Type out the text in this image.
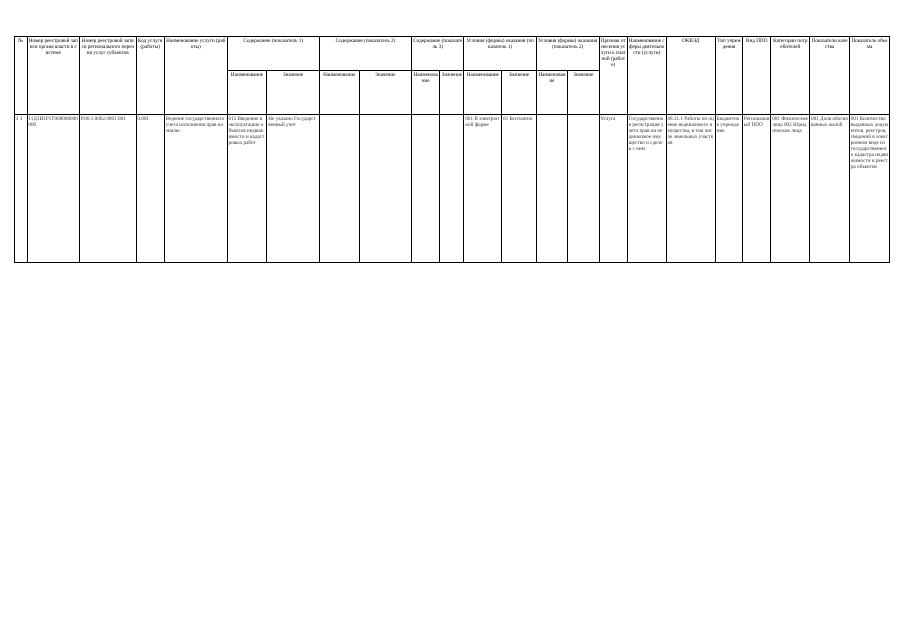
№	Номер реестровой записи органа власти в системе	Номер реестровой записи регионального перечня услуг субъектов	Код услуги (работы)	Наименование услуги (работы)	Содержание (показатель 1)		Содержание (показатель 2)		Содержание (показатель 3)		Условия (формы) оказания (показатель 1)		Условия (формы) оказания (показатель 2)		Признак отнесения услуги к платной (работе)	Наименование сферы деятельности (услуги)	ОКВЭД	Тип учреждения	Вид ППО	Категории потребителей	Показатели качества	Показатель объема
					Наименование	Значение	Наименование	Значение	Наименование	Значение	Наименование	Значение	Наименование	Значение								
1 1	11Д1И1Р1Т000000000000	Р.06.1.0002.0001.001	0.001	Ведение государственного учета исполнения прав на землю	015 Введение в эксплуатацию объектов недвижимости и кадастровых работ	Не указано Государственный учет					001 В электронной форме	01 Бесплатно			Услуга	Государственная регистрация учета прав на недвижимое имущество и сделок с ним	68.31.1 Работы по оценке недвижимого имущества, в том числе земельных участков	Бюджетное учреждение	Региональный ППО	001 Физические лица 002 Юридические лица	001 Доля обоснованных жалоб	001 Количество выданных документов, реестров, сведений в электронном виде из государственного кадастра недвижимости и реестра объектов
